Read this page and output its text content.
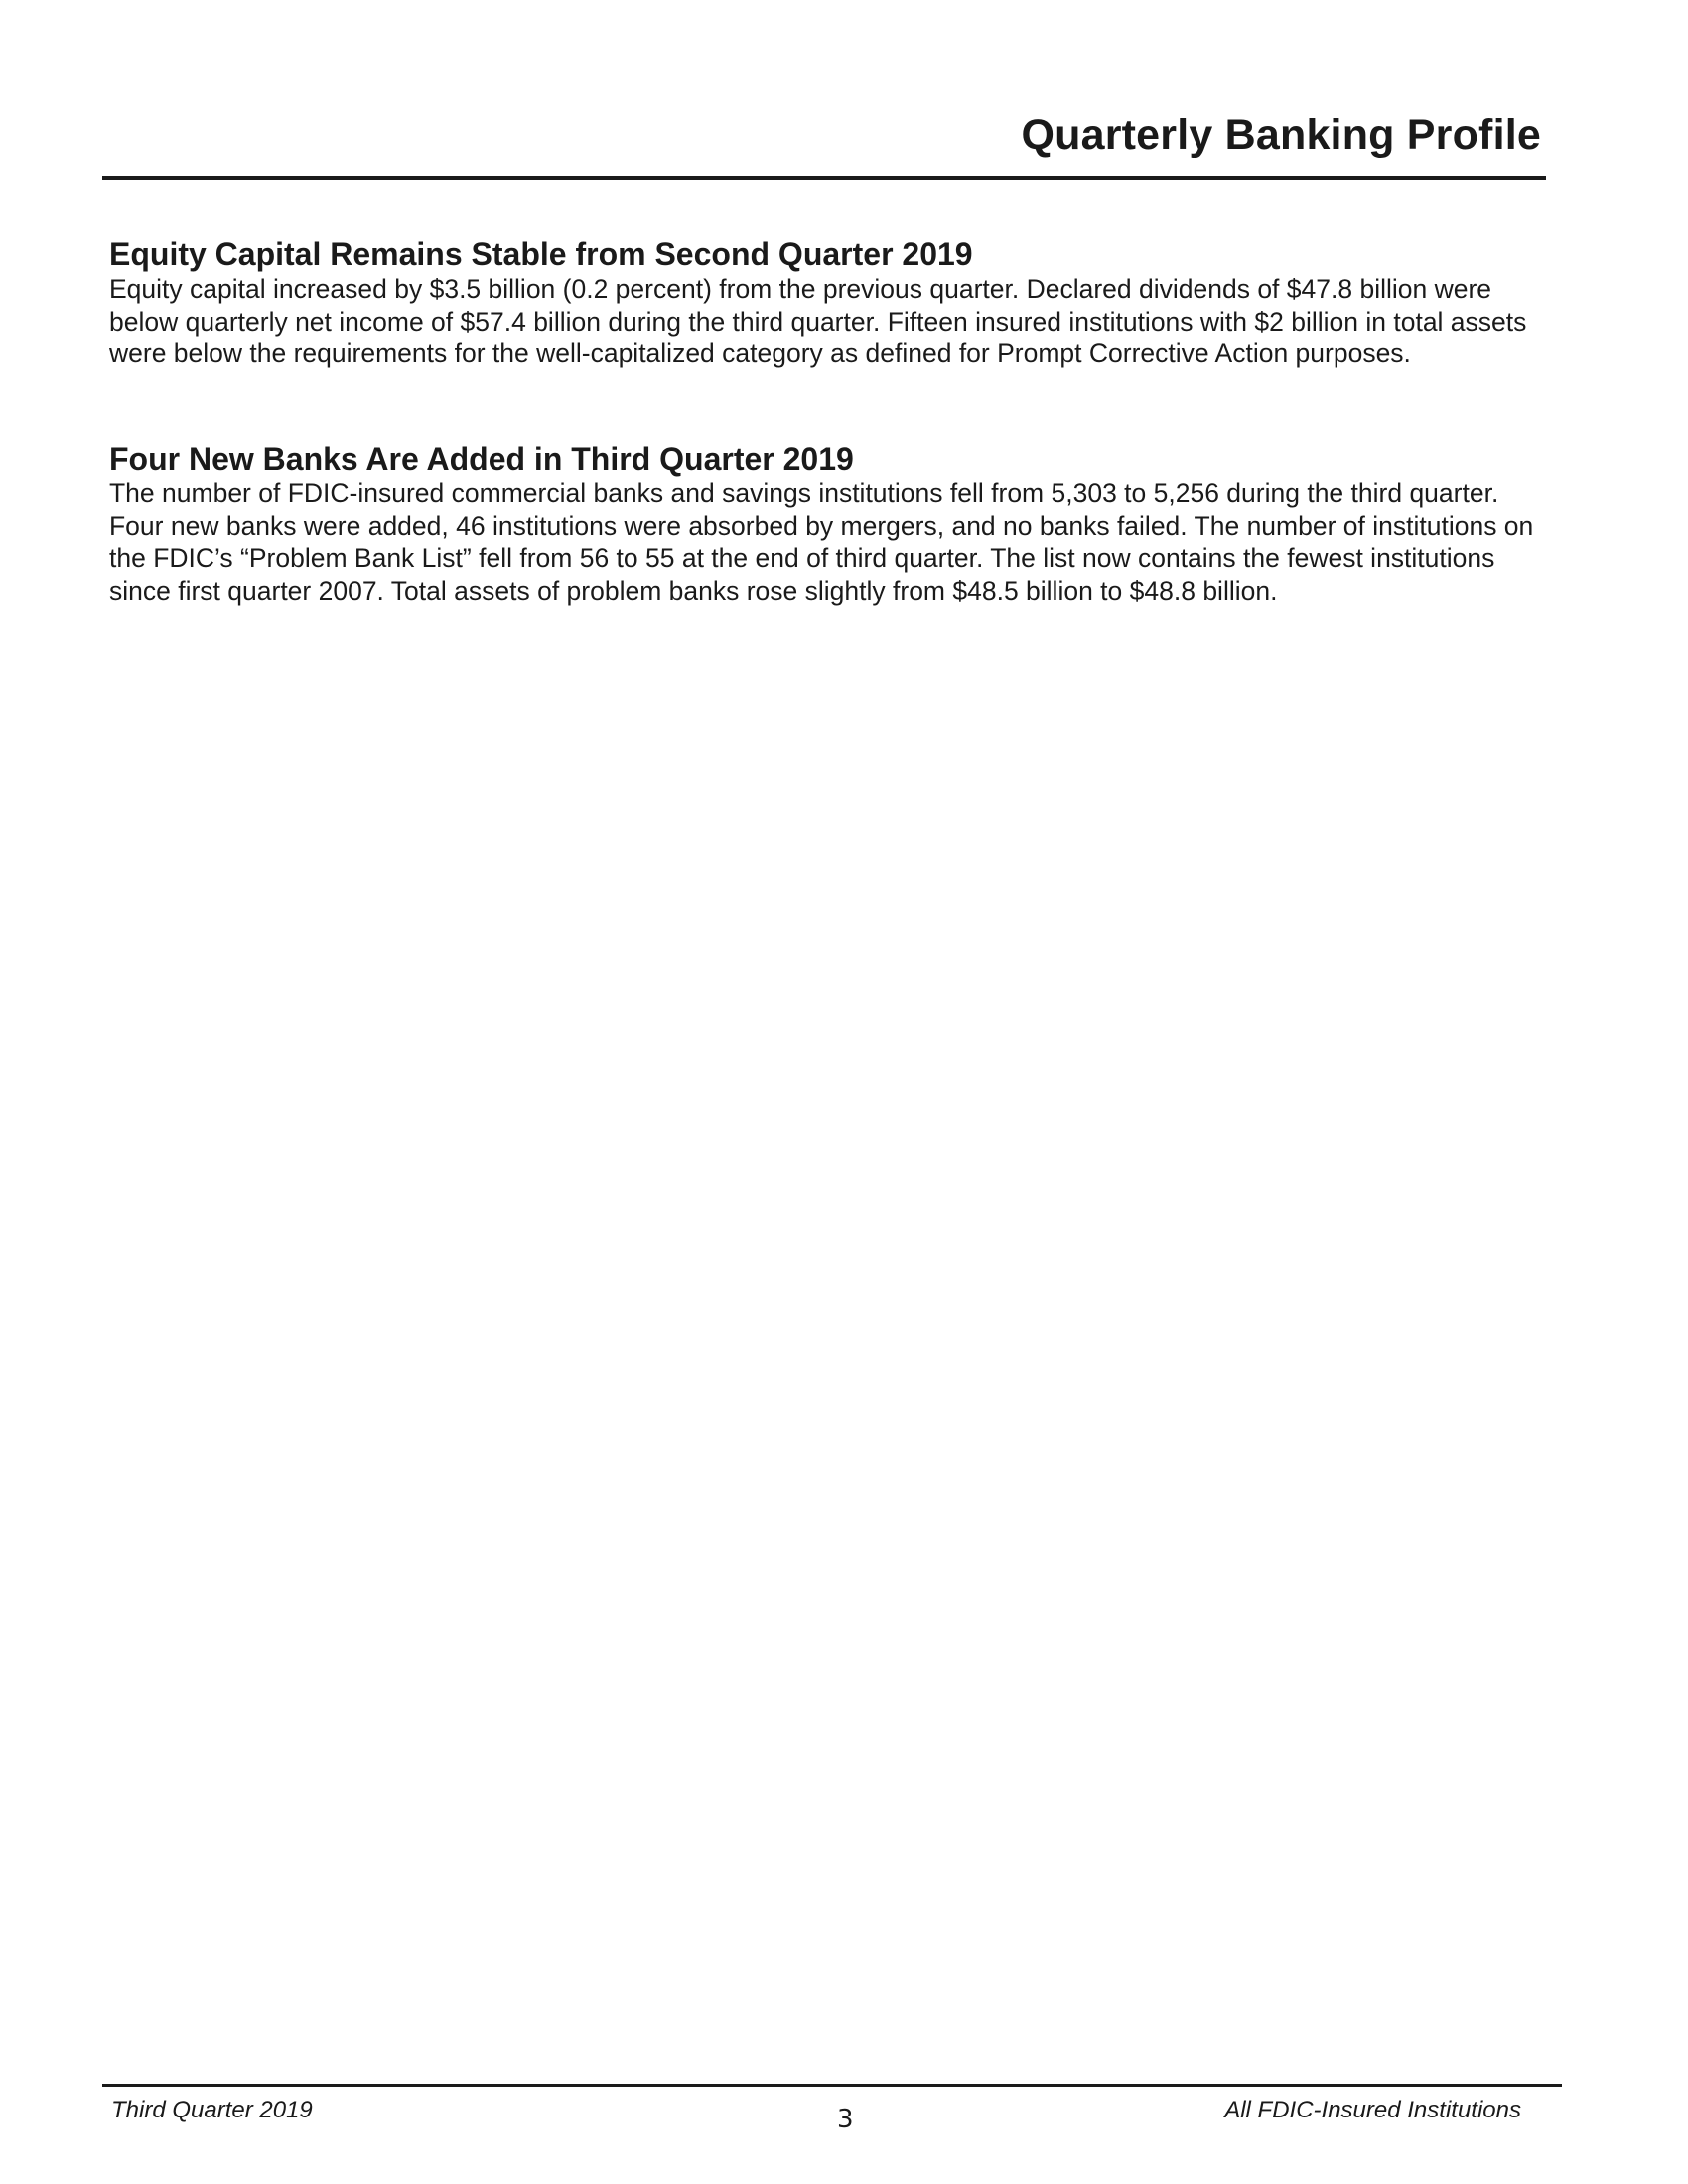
Quarterly Banking Profile
Equity Capital Remains Stable from Second Quarter 2019

Equity capital increased by $3.5 billion (0.2 percent) from the previous quarter. Declared dividends of $47.8 billion were below quarterly net income of $57.4 billion during the third quarter. Fifteen insured institutions with $2 billion in total assets were below the requirements for the well-capitalized category as defined for Prompt Corrective Action purposes.

Four New Banks Are Added in Third Quarter 2019

The number of FDIC-insured commercial banks and savings institutions fell from 5,303 to 5,256 during the third quarter. Four new banks were added, 46 institutions were absorbed by mergers, and no banks failed. The number of institutions on the FDIC’s “Problem Bank List” fell from 56 to 55 at the end of third quarter. The list now contains the fewest institutions since first quarter 2007. Total assets of problem banks rose slightly from $48.5 billion to $48.8 billion.

Third Quarter 2019	3	All FDIC-Insured Institutions
